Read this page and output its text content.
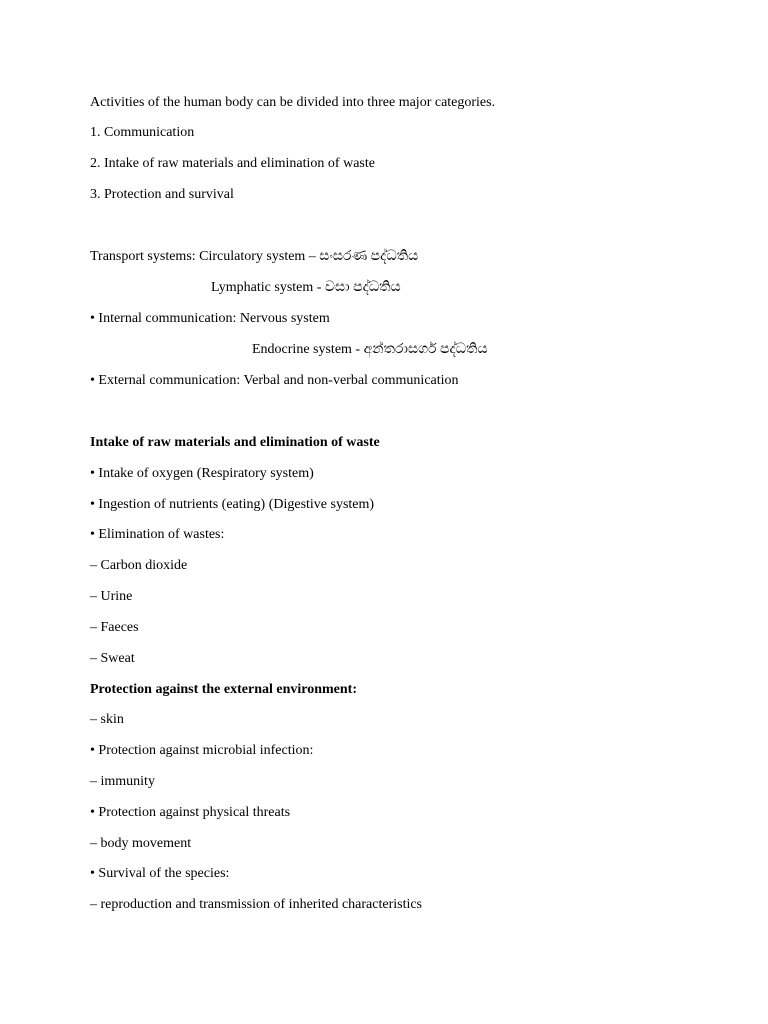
Activities of the human body can be divided into three major categories.
1. Communication
2. Intake of raw materials and elimination of waste
3. Protection and survival
Transport systems: Circulatory system – සංසරණ පද්ධතිය
Lymphatic system - වසා පද්ධතිය
• Internal communication: Nervous system
Endocrine system - අන්තරාසර්ග පද්ධතිය
• External communication: Verbal and non-verbal communication
Intake of raw materials and elimination of waste
• Intake of oxygen (Respiratory system)
• Ingestion of nutrients (eating) (Digestive system)
• Elimination of wastes:
– Carbon dioxide
– Urine
– Faeces
– Sweat
Protection against the external environment:
– skin
• Protection against microbial infection:
– immunity
• Protection against physical threats
– body movement
• Survival of the species:
– reproduction and transmission of inherited characteristics
